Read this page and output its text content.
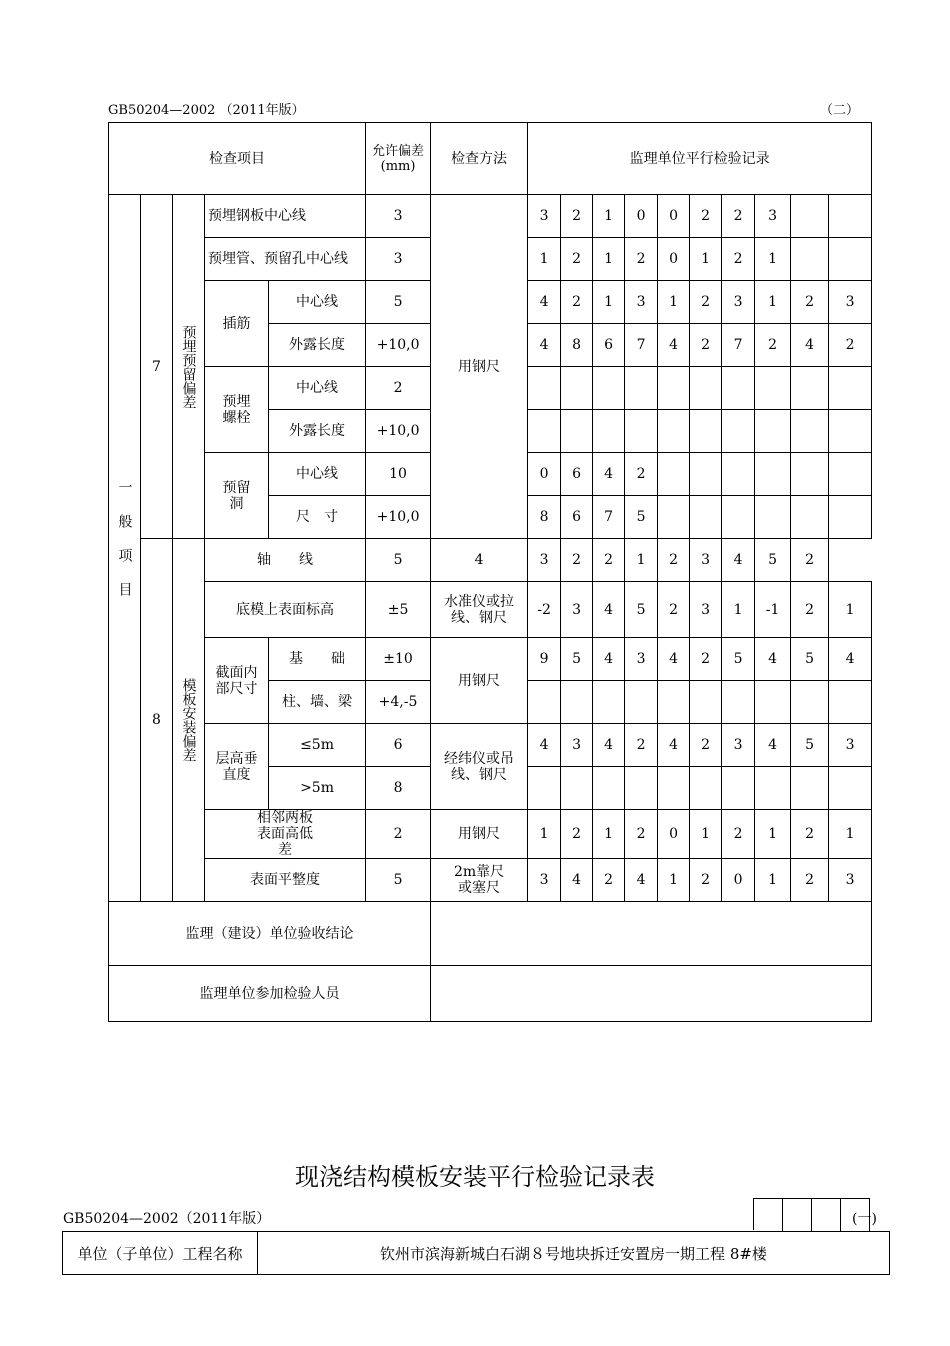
GB50204—2002 （2011年版）	（二）
检查项目					允许偏差(mm)	检查方法	监理单位平行检验记录									
一般项目	7	预埋预留偏差	预埋钢板中心线		3	用钢尺	3	2	1	0	0	2	2	3		
			预埋管、预留孔中心线		3		1	2	1	2	0	1	2	1		
			插筋	中心线	5		4	2	1	3	1	2	3	1	2	3
				外露长度	+10,0		4	8	6	7	4	2	7	2	4	2
			预埋螺栓	中心线	2											
				外露长度	+10,0											
			预留洞	中心线	10		0	6	4	2						
				尺　寸	+10,0		8	6	7	5						
	8	模板安装偏差	轴　　线		5	4	3	2	2	1	2	3	4	5	2	
			底模上表面标高		±5	水准仪或拉线、钢尺	-2	3	4	5	2	3	1	-1	2	1
			截面内部尺寸	基　　础	±10	用钢尺	9	5	4	3	4	2	5	4	5	4
				柱、墙、梁	+4,-5											
			层高垂直度	≤5m	6	经纬仪或吊线、钢尺	4	3	4	2	4	2	3	4	5	3
				>5m	8											
			相邻两板表面高低差		2	用钢尺	1	2	1	2	0	1	2	1	2	1
			表面平整度		5	2m靠尺或塞尺	3	4	2	4	1	2	0	1	2	3
监理（建设）单位验收结论																
监理单位参加检验人员																
现浇结构模板安装平行检验记录表
GB50204—2002（2011年版）	(一)
单位（子单位）工程名称	钦州市滨海新城白石湖８号地块拆迁安置房一期工程 8#楼
